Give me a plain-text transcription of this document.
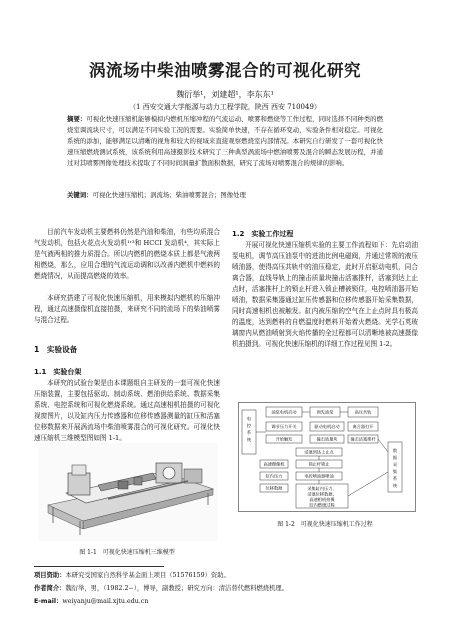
涡流场中柴油喷雾混合的可视化研究
魏衍举¹，刘建超¹，李东东¹
（1 西安交通大学能源与动力工程学院，陕西 西安 710049）
摘要：可视化快速压缩机能够模拟内燃机压缩冲程的气流运动、喷雾和燃烧等工作过程，同时选择不同种类的燃烧室调流块尺寸，可以满足不同实验工况的需要。实验简单快速，不存在循环变动，实验条件相对稳定。可视化系统的添加，能够满足以清晰的视角和较大的视域来直接观察燃烧室内部情况。本研究自行研发了一套可视化快速压缩燃烧测试系统，该系统利用高速摄影技术研究了三种典型涡流场中燃油喷雾及混合的瞬态发展历程，并通过对其喷雾图像处理技术提取了不同时间涡量扩散面积数据，研究了流场对喷雾混合的规律的影响。
关键词：可视化快速压缩机；涡流场；柴油喷雾混合；图像处理
目前汽车发动机主要燃料仍然是汽油和柴油，有些均质混合气发动机，包括火花点火发动机¹ʳ³和 HCCI 发动机⁴，其实际上是气液两相的推力质混合。所以内燃机的燃烧本质上都是气液两相燃烧，那么，应用合理的气流运动调和以改善内燃机中燃料的燃烧情况，从而提高燃烧的效率。
本研究搭建了可视化快速压缩机，用来模拟内燃机的压缩冲程，通过高速摄像机直接拍摄，来研究不同的流场下的柴油喷雾与混合过程。
1　实验设备
1.1　实验台架
本研究的试验台架是由本课题组自主研发的一套可视化快速压缩装置，主要包括驱动、制动系统、燃油供给系统、数据采集系统、电控系统和可视化燃烧系统。通过高速相机拍摄的可视化视窗图片，以及缸内压力传感器和位移传感器测量的缸压和活塞位移数据来开展涡流场中柴油喷雾混合的可视化研究。可视化快速压缩机三维模型图如图 1-1。
图 1-1　可视化快速压缩机三维模型
1.2　实验工作过程
开展可视化快速压缩机实验的主要工作流程如下：先启动油泵电机，调节高压油泵中的进油比例电磁阀，并通过常规的液压喷油器，使得高压共轨中的油压稳定，此时开启驱动电机，同合离合器，直线导轨上的撞击质量块撞击活塞推杆，活塞到达上止点时，活塞推杆上的锁止杆进入锁止槽被锁住，电控喷油器开始喷油，数据采集器通过缸压传感器和位移传感器开始采集数据，同时高速相机也被触发。缸内被压缩的空气在上止点时具有极高的温度，达到燃料的自燃温度时燃料开始着火燃烧。光学石英玻璃窗内从燃油喷射到火焰传播的全过程都可以清晰地被高速摄像机拍摄到。可视化快速压缩机的详细工作过程见图 1-2。
电
控
系
统
油泵电机启动	预先油泵	高压共轨
调节压力开关	驱动电机启动	离合器打开
开始触发	撞击质量块	撞击活塞推杆
活塞到达上止点
锁止杆锁止
电控喷油器喷油
高速摄像机
缸内压力
位移数据	采集缸内压力、
活塞位移数据，
高速相机拍摄
缸内燃烧过程
数
据
采
集
系
统
图 1-2　可视化快速压缩机工作过程
项目资助：本研究受国家自然科学基金面上项目（51576159）资助。
作者简介：魏衍举，男，（1982.2−），博导，副教授；研究方向：清洁替代燃料燃烧机理。
E-mail：weiyanju@mail.xjtu.edu.cn
